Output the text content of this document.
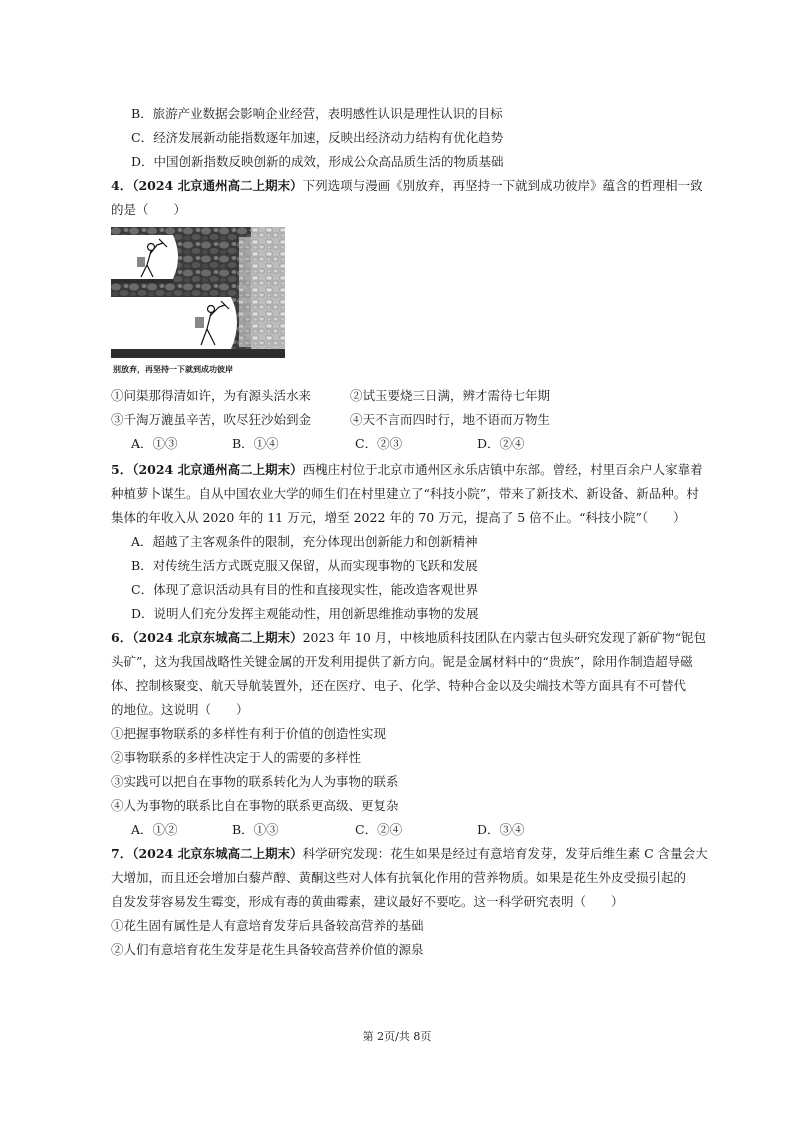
B．旅游产业数据会影响企业经营，表明感性认识是理性认识的目标
C．经济发展新动能指数逐年加速，反映出经济动力结构有优化趋势
D．中国创新指数反映创新的成效，形成公众高品质生活的物质基础
4．（2024 北京通州高二上期末）下列选项与漫画《别放弃，再坚持一下就到成功彼岸》蕴含的哲理相一致
的是（　　）
别放弃，再坚持一下就到成功彼岸
①问渠那得清如许，为有源头活水来	②试玉要烧三日满，辨才需待七年期
③千淘万漉虽辛苦，吹尽狂沙始到金	④天不言而四时行，地不语而万物生
A．①③	B．①④	C．②③	D．②④
5．（2024 北京通州高二上期末）西槐庄村位于北京市通州区永乐店镇中东部。曾经，村里百余户人家靠着
种植萝卜谋生。自从中国农业大学的师生们在村里建立了“科技小院”，带来了新技术、新设备、新品种。村
集体的年收入从 2020 年的 11 万元，增至 2022 年的 70 万元，提高了 5 倍不止。“科技小院”（　　）
A．超越了主客观条件的限制，充分体现出创新能力和创新精神
B．对传统生活方式既克服又保留，从而实现事物的飞跃和发展
C．体现了意识活动具有目的性和直接现实性，能改造客观世界
D．说明人们充分发挥主观能动性，用创新思维推动事物的发展
6．（2024 北京东城高二上期末）2023 年 10 月，中核地质科技团队在内蒙古包头研究发现了新矿物“铌包
头矿”，这为我国战略性关键金属的开发利用提供了新方向。铌是金属材料中的“贵族”，除用作制造超导磁
体、控制核聚变、航天导航装置外，还在医疗、电子、化学、特种合金以及尖端技术等方面具有不可替代
的地位。这说明（　　）
①把握事物联系的多样性有利于价值的创造性实现
②事物联系的多样性决定于人的需要的多样性
③实践可以把自在事物的联系转化为人为事物的联系
④人为事物的联系比自在事物的联系更高级、更复杂
A．①②	B．①③	C．②④	D．③④
7．（2024 北京东城高二上期末）科学研究发现：花生如果是经过有意培育发芽，发芽后维生素 C 含量会大
大增加，而且还会增加白藜芦醇、黄酮这些对人体有抗氧化作用的营养物质。如果是花生外皮受损引起的
自发发芽容易发生霉变，形成有毒的黄曲霉素，建议最好不要吃。这一科学研究表明（　　）
①花生固有属性是人有意培育发芽后具备较高营养的基础
②人们有意培育花生发芽是花生具备较高营养价值的源泉
第 2页/共 8页
